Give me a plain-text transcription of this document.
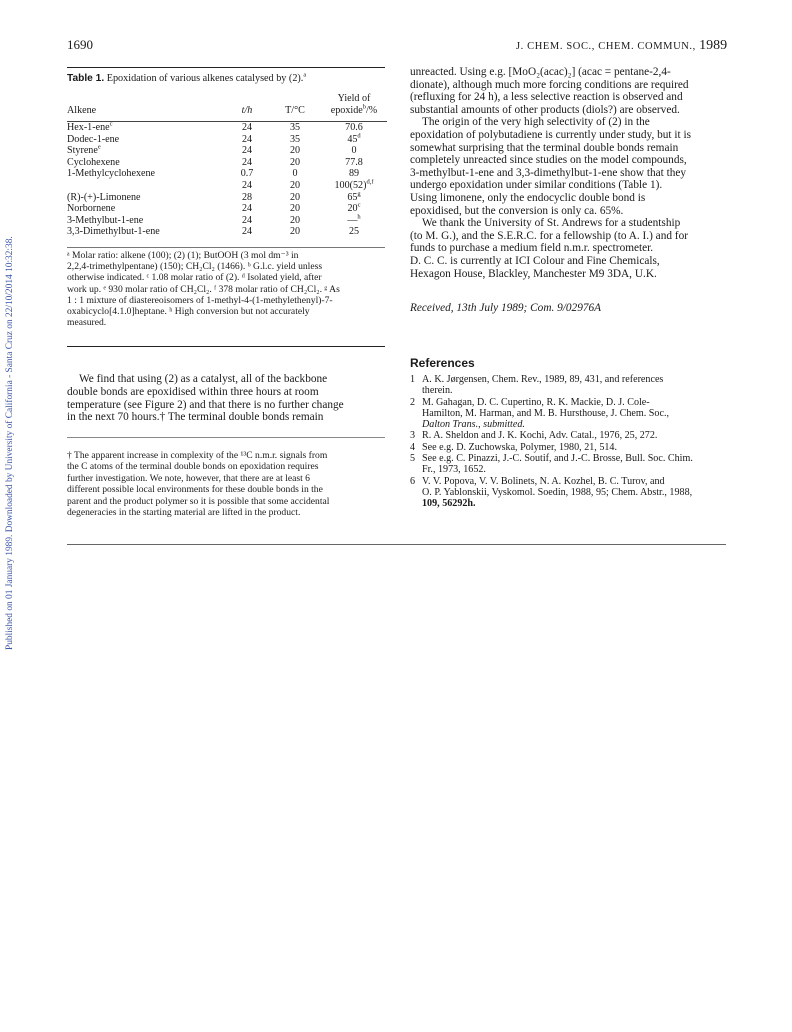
Published on 01 January 1989. Downloaded by University of California - Santa Cruz on 22/10/2014 10:32:38.
1690	J. CHEM. SOC., CHEM. COMMUN., 1989
Table 1. Epoxidation of various alkenes catalysed by (2).$^a$
			Yield of
Alkene	t/h	T/°C	epoxide$^b$/%

Hex-1-ene$^c$	24	35	70.6
Dodec-1-ene	24	35	45$^d$
Styrene$^e$	24	20	0
Cyclohexene	24	20	77.8
1-Methylcyclohexene	0.7	0	89
	24	20	$100(52)^{d,f}$
(R)-(+)-Limonene	28	20	65$^g$
Norbornene	24	20	20$^c$
3-Methylbut-1-ene	24	20	—$^h$
3,3-Dimethylbut-1-ene	24	20	25
ᵃ Molar ratio: alkene (100); (2) (1); ButOOH (3 mol dm⁻³ in
2,2,4-trimethylpentane) (150); CH₂Cl₂ (1466). ᵇ G.l.c. yield unless
otherwise indicated. ᶜ 1.08 molar ratio of (2). ᵈ Isolated yield, after
work up. ᵉ 930 molar ratio of CH₂Cl₂. ᶠ 378 molar ratio of CH₂Cl₂. ᵍ As
1 : 1 mixture of diastereoisomers of 1-methyl-4-(1-methylethenyl)-7-
oxabicyclo[4.1.0]heptane. ʰ High conversion but not accurately
measured.
We find that using (2) as a catalyst, all of the backbone
double bonds are epoxidised within three hours at room
temperature (see Figure 2) and that there is no further change
in the next 70 hours.† The terminal double bonds remain
† The apparent increase in complexity of the ¹³C n.m.r. signals from
the C atoms of the terminal double bonds on epoxidation requires
further investigation. We note, however, that there are at least 6
different possible local environments for these double bonds in the
parent and the product polymer so it is possible that some accidental
degeneracies in the starting material are lifted in the product.
unreacted. Using e.g. [MoO₂(acac)₂] (acac = pentane-2,4-
dionate), although much more forcing conditions are required
(refluxing for 24 h), a less selective reaction is observed and
substantial amounts of other products (diols?) are observed.
The origin of the very high selectivity of (2) in the
epoxidation of polybutadiene is currently under study, but it is
somewhat surprising that the terminal double bonds remain
completely unreacted since studies on the model compounds,
3-methylbut-1-ene and 3,3-dimethylbut-1-ene show that they
undergo epoxidation under similar conditions (Table 1).
Using limonene, only the endocyclic double bond is
epoxidised, but the conversion is only ca. 65%.
We thank the University of St. Andrews for a studentship
(to M. G.), and the S.E.R.C. for a fellowship (to A. I.) and for
funds to purchase a medium field n.m.r. spectrometer.
D. C. C. is currently at ICI Colour and Fine Chemicals,
Hexagon House, Blackley, Manchester M9 3DA, U.K.
Received, 13th July 1989; Com. 9/02976A
References
1 A. K. Jørgensen, Chem. Rev., 1989, 89, 431, and references
therein.
2 M. Gahagan, D. C. Cupertino, R. K. Mackie, D. J. Cole-
Hamilton, M. Harman, and M. B. Hursthouse, J. Chem. Soc.,
Dalton Trans., submitted.
3 R. A. Sheldon and J. K. Kochi, Adv. Catal., 1976, 25, 272.
4 See e.g. D. Zuchowska, Polymer, 1980, 21, 514.
5 See e.g. C. Pinazzi, J.-C. Soutif, and J.-C. Brosse, Bull. Soc. Chim.
Fr., 1973, 1652.
6 V. V. Popova, V. V. Bolinets, N. A. Kozhel, B. C. Turov, and
O. P. Yablonskii, Vyskomol. Soedin, 1988, 95; Chem. Abstr., 1988,
109, 56292h.
